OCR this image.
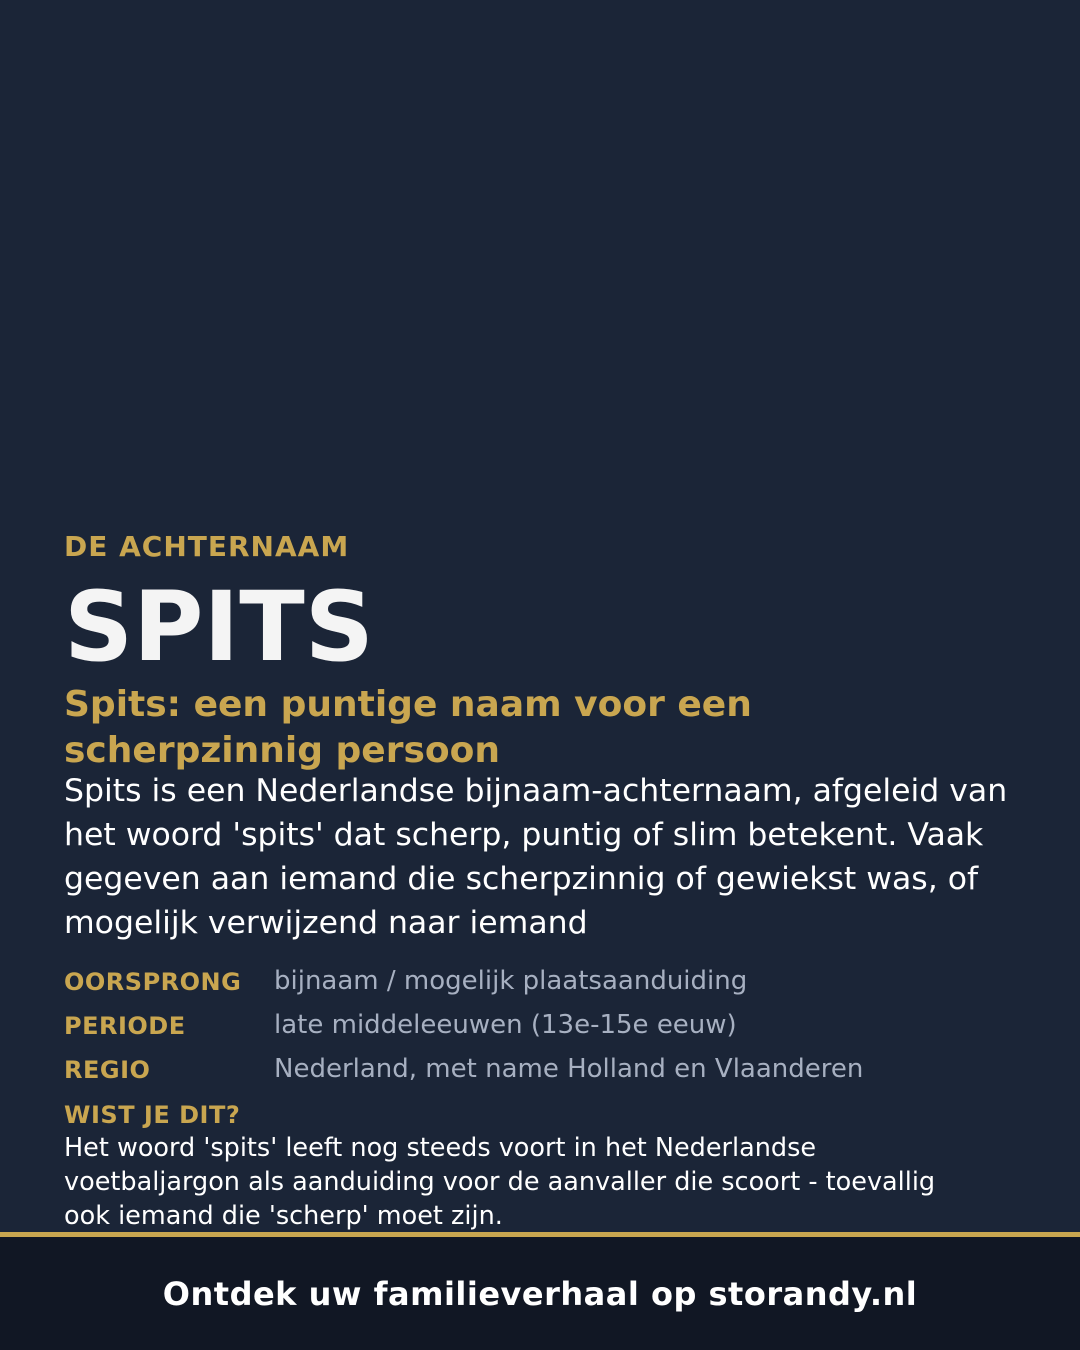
DE ACHTERNAAM
SPITS
Spits: een puntige naam voor een scherpzinnig persoon
Spits is een Nederlandse bijnaam-achternaam, afgeleid van het woord 'spits' dat scherp, puntig of slim betekent. Vaak gegeven aan iemand die scherpzinnig of gewiekst was, of mogelijk verwijzend naar iemand
OORSPRONG	bijnaam / mogelijk plaatsaanduiding
PERIODE	late middeleeuwen (13e-15e eeuw)
REGIO	Nederland, met name Holland en Vlaanderen
WIST JE DIT?
Het woord 'spits' leeft nog steeds voort in het Nederlandse voetbaljargon als aanduiding voor de aanvaller die scoort - toevallig ook iemand die 'scherp' moet zijn.
Ontdek uw familieverhaal op storandy.nl
